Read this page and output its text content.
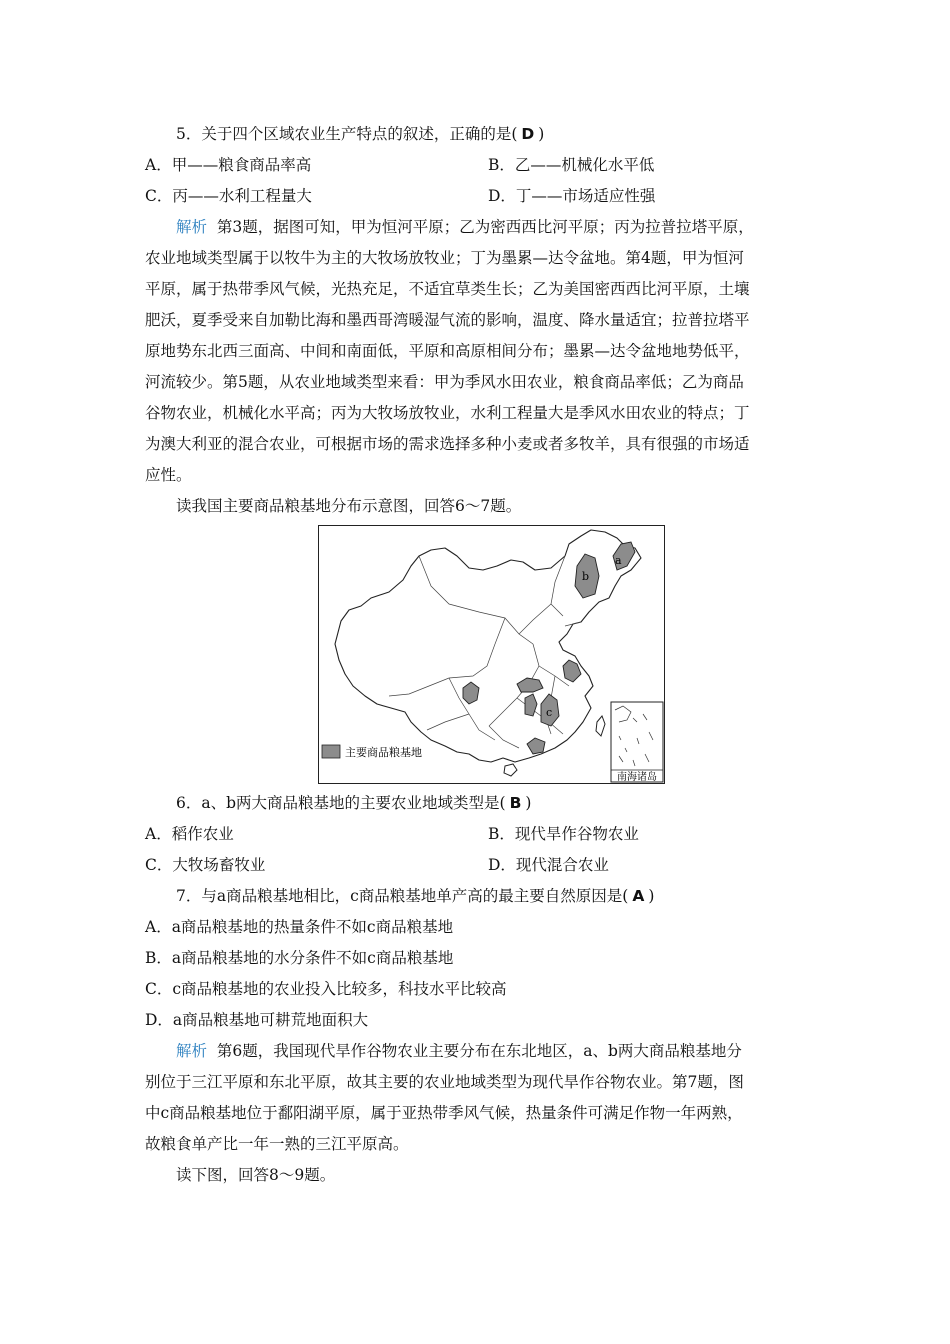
5．关于四个区域农业生产特点的叙述，正确的是( D )
A．甲——粮食商品率高	B．乙——机械化水平低
C．丙——水利工程量大	D．丁——市场适应性强
解析 第3题，据图可知，甲为恒河平原；乙为密西西比河平原；丙为拉普拉塔平原，
农业地域类型属于以牧牛为主的大牧场放牧业；丁为墨累—达令盆地。第4题，甲为恒河
平原，属于热带季风气候，光热充足，不适宜草类生长；乙为美国密西西比河平原，土壤
肥沃，夏季受来自加勒比海和墨西哥湾暖湿气流的影响，温度、降水量适宜；拉普拉塔平
原地势东北西三面高、中间和南面低，平原和高原相间分布；墨累—达令盆地地势低平，
河流较少。第5题，从农业地域类型来看：甲为季风水田农业，粮食商品率低；乙为商品
谷物农业，机械化水平高；丙为大牧场放牧业，水利工程量大是季风水田农业的特点；丁
为澳大利亚的混合农业，可根据市场的需求选择多种小麦或者多牧羊，具有很强的市场适
应性。
读我国主要商品粮基地分布示意图，回答6～7题。
a
b
c
南海诸岛
主要商品粮基地
6．a、b两大商品粮基地的主要农业地域类型是( B )
A．稻作农业	B．现代旱作谷物农业
C．大牧场畜牧业	D．现代混合农业
7．与a商品粮基地相比，c商品粮基地单产高的最主要自然原因是( A )
A．a商品粮基地的热量条件不如c商品粮基地
B．a商品粮基地的水分条件不如c商品粮基地
C．c商品粮基地的农业投入比较多，科技水平比较高
D．a商品粮基地可耕荒地面积大
解析 第6题，我国现代旱作谷物农业主要分布在东北地区，a、b两大商品粮基地分
别位于三江平原和东北平原，故其主要的农业地域类型为现代旱作谷物农业。第7题，图
中c商品粮基地位于鄱阳湖平原，属于亚热带季风气候，热量条件可满足作物一年两熟，
故粮食单产比一年一熟的三江平原高。
读下图，回答8～9题。
